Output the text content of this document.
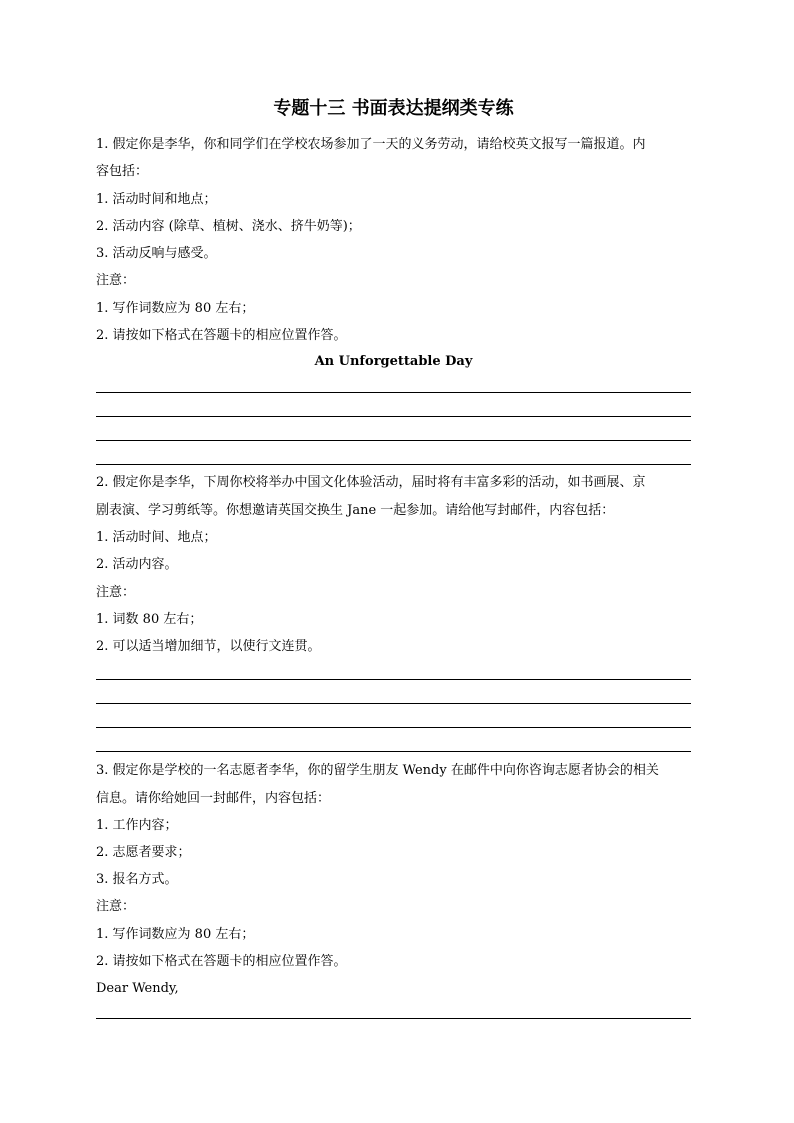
专题十三 书面表达提纲类专练
1. 假定你是李华，你和同学们在学校农场参加了一天的义务劳动，请给校英文报写一篇报道。内
容包括：
1. 活动时间和地点；
2. 活动内容 (除草、植树、浇水、挤牛奶等)；
3. 活动反响与感受。
注意：
1. 写作词数应为 80 左右；
2. 请按如下格式在答题卡的相应位置作答。
An Unforgettable Day
2. 假定你是李华，下周你校将举办中国文化体验活动，届时将有丰富多彩的活动，如书画展、京
剧表演、学习剪纸等。你想邀请英国交换生 Jane 一起参加。请给他写封邮件，内容包括：
1. 活动时间、地点；
2. 活动内容。
注意：
1. 词数 80 左右；
2. 可以适当增加细节，以使行文连贯。
3. 假定你是学校的一名志愿者李华，你的留学生朋友 Wendy 在邮件中向你咨询志愿者协会的相关
信息。请你给她回一封邮件，内容包括：
1. 工作内容；
2. 志愿者要求；
3. 报名方式。
注意：
1. 写作词数应为 80 左右；
2. 请按如下格式在答题卡的相应位置作答。
Dear Wendy,
